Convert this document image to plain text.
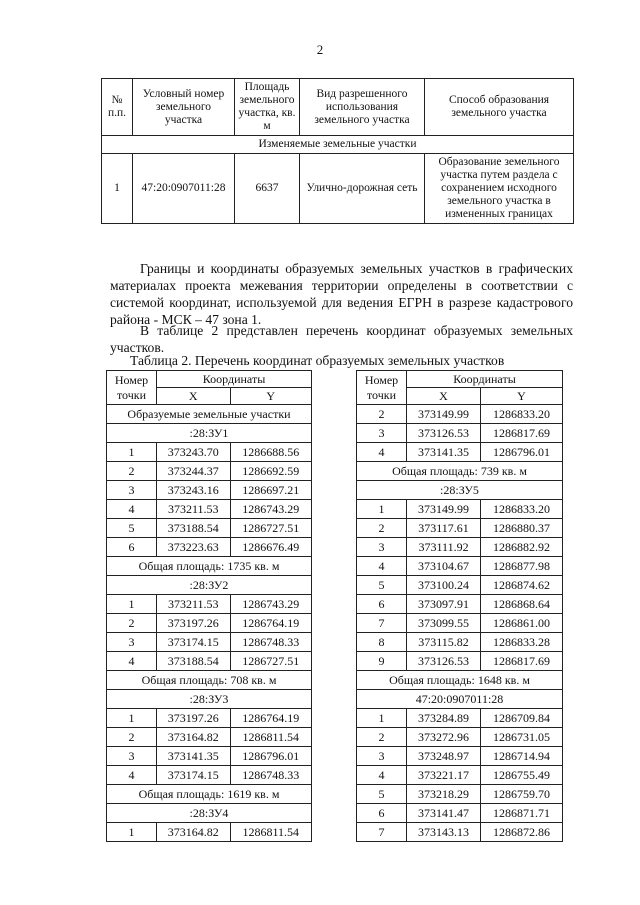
2
№ п.п.	Условный номер земельного участка	Площадь земельного участка, кв. м	Вид разрешенного использования земельного участка	Способ образования земельного участка
Изменяемые земельные участки				
1	47:20:0907011:28	6637	Улично-дорожная сеть	Образование земельного участка путем раздела с сохранением исходного земельного участка в измененных границах

Границы и координаты образуемых земельных участков в графических материалах проекта межевания территории определены в соответствии с системой координат, используемой для ведения ЕГРН в разрезе кадастрового района - МСК – 47 зона 1.

В таблице 2 представлен перечень координат образуемых земельных участков.

Таблица 2. Перечень координат образуемых земельных участков

Номер точки	Координаты	
	X	Y
Образуемые земельные участки		
:28:ЗУ1		
1	373243.70	1286688.56
2	373244.37	1286692.59
3	373243.16	1286697.21
4	373211.53	1286743.29
5	373188.54	1286727.51
6	373223.63	1286676.49
Общая площадь: 1735 кв. м		
:28:ЗУ2		
1	373211.53	1286743.29
2	373197.26	1286764.19
3	373174.15	1286748.33
4	373188.54	1286727.51
Общая площадь: 708 кв. м		
:28:ЗУ3		
1	373197.26	1286764.19
2	373164.82	1286811.54
3	373141.35	1286796.01
4	373174.15	1286748.33
Общая площадь: 1619 кв. м		
:28:ЗУ4		
1	373164.82	1286811.54
Номер точки	Координаты	
	X	Y
2	373149.99	1286833.20
3	373126.53	1286817.69
4	373141.35	1286796.01
Общая площадь: 739 кв. м		
:28:ЗУ5		
1	373149.99	1286833.20
2	373117.61	1286880.37
3	373111.92	1286882.92
4	373104.67	1286877.98
5	373100.24	1286874.62
6	373097.91	1286868.64
7	373099.55	1286861.00
8	373115.82	1286833.28
9	373126.53	1286817.69
Общая площадь: 1648 кв. м		
47:20:0907011:28		
1	373284.89	1286709.84
2	373272.96	1286731.05
3	373248.97	1286714.94
4	373221.17	1286755.49
5	373218.29	1286759.70
6	373141.47	1286871.71
7	373143.13	1286872.86
